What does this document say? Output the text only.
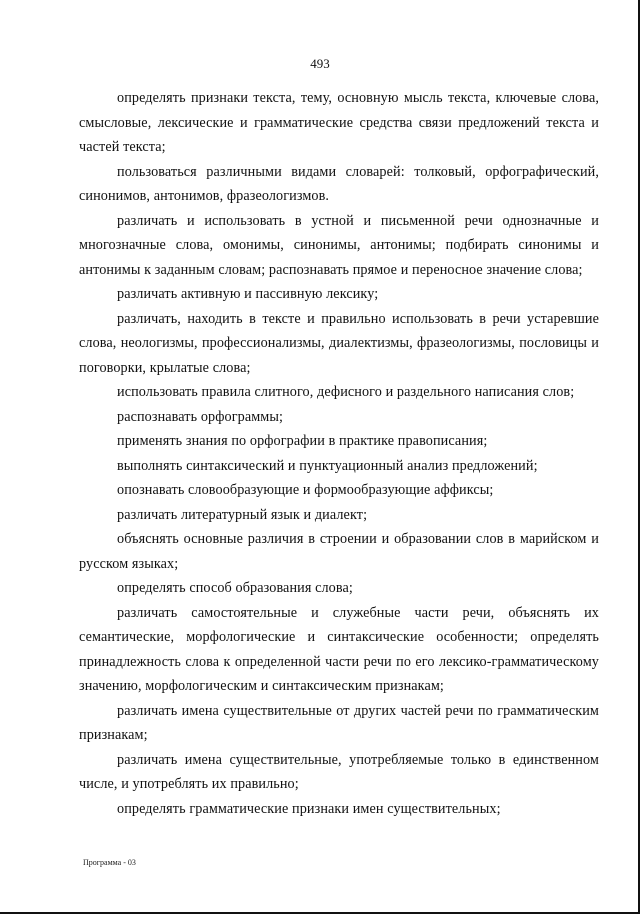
493

определять признаки текста, тему, основную мысль текста, ключевые слова, смысловые, лексические и грамматические средства связи предложений текста и частей текста;

пользоваться различными видами словарей: толковый, орфографический, синонимов, антонимов, фразеологизмов.

различать и использовать в устной и письменной речи однозначные и многозначные слова, омонимы, синонимы, антонимы; подбирать синонимы и антонимы к заданным словам; распознавать прямое и переносное значение слова;

различать активную и пассивную лексику;

различать, находить в тексте и правильно использовать в речи устаревшие слова, неологизмы, профессионализмы, диалектизмы, фразеологизмы, пословицы и поговорки, крылатые слова;

использовать правила слитного, дефисного и раздельного написания слов;

распознавать орфограммы;

применять знания по орфографии в практике правописания;

выполнять синтаксический и пунктуационный анализ предложений;

опознавать словообразующие и формообразующие аффиксы;

различать литературный язык и диалект;

объяснять основные различия в строении и образовании слов в марийском и русском языках;

определять способ образования слова;

различать самостоятельные и служебные части речи, объяснять их семантические, морфологические и синтаксические особенности; определять принадлежность слова к определенной части речи по его лексико-грамматическому значению, морфологическим и синтаксическим признакам;

различать имена существительные от других частей речи по грамматическим признакам;

различать имена существительные, употребляемые только в единственном числе, и употреблять их правильно;

определять грамматические признаки имен существительных;

Программа - 03
